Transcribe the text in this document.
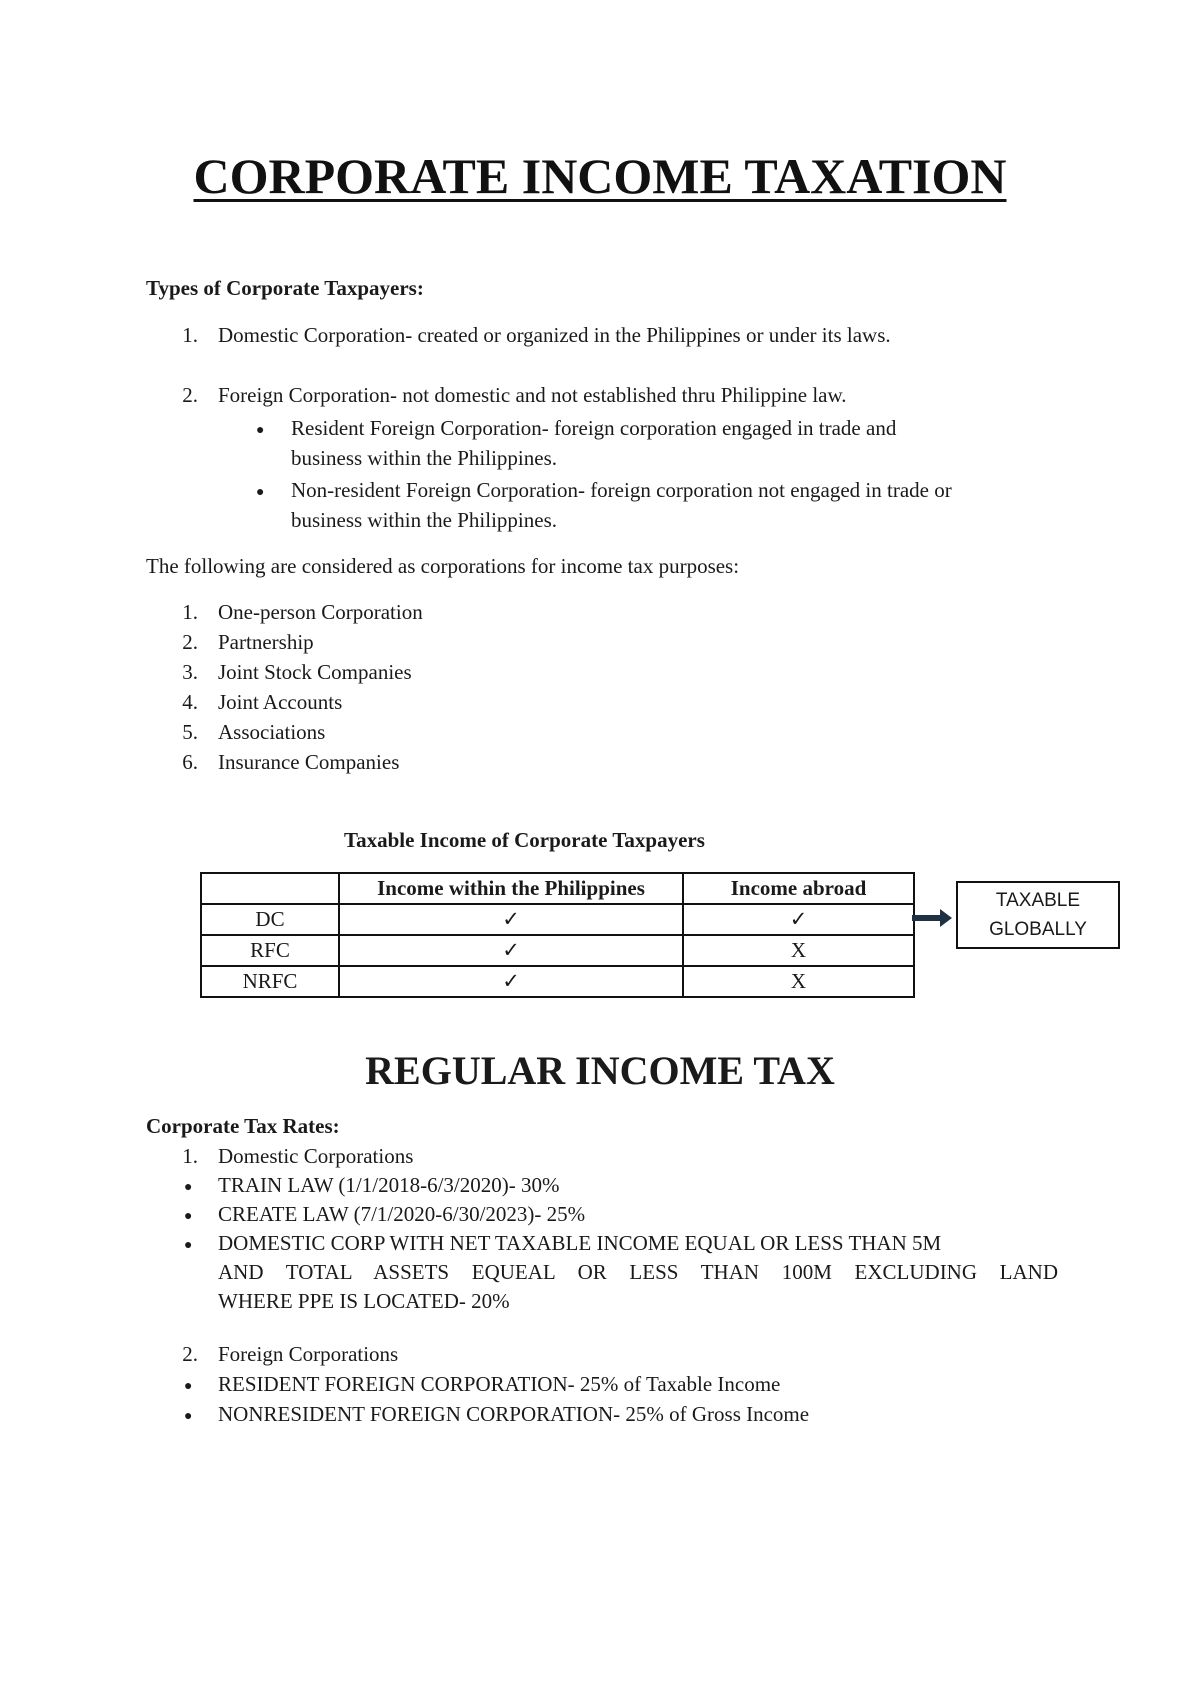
CORPORATE INCOME TAXATION
Types of Corporate Taxpayers:
1. Domestic Corporation- created or organized in the Philippines or under its laws.
2. Foreign Corporation- not domestic and not established thru Philippine law.
● Resident Foreign Corporation- foreign corporation engaged in trade and
business within the Philippines.
● Non-resident Foreign Corporation- foreign corporation not engaged in trade or
business within the Philippines.
The following are considered as corporations for income tax purposes:
1. One-person Corporation
2. Partnership
3. Joint Stock Companies
4. Joint Accounts
5. Associations
6. Insurance Companies
Taxable Income of Corporate Taxpayers
	Income within the Philippines	Income abroad
DC	✓	✓
RFC	✓	X
NRFC	✓	X
TAXABLE
GLOBALLY
REGULAR INCOME TAX
Corporate Tax Rates:
1. Domestic Corporations
● TRAIN LAW (1/1/2018-6/3/2020)- 30%
● CREATE LAW (7/1/2020-6/30/2023)- 25%
● DOMESTIC CORP WITH NET TAXABLE INCOME EQUAL OR LESS THAN 5M
AND TOTAL ASSETS EQUEAL OR LESS THAN 100M EXCLUDING LAND
WHERE PPE IS LOCATED- 20%
2. Foreign Corporations
● RESIDENT FOREIGN CORPORATION- 25% of Taxable Income
● NONRESIDENT FOREIGN CORPORATION- 25% of Gross Income
